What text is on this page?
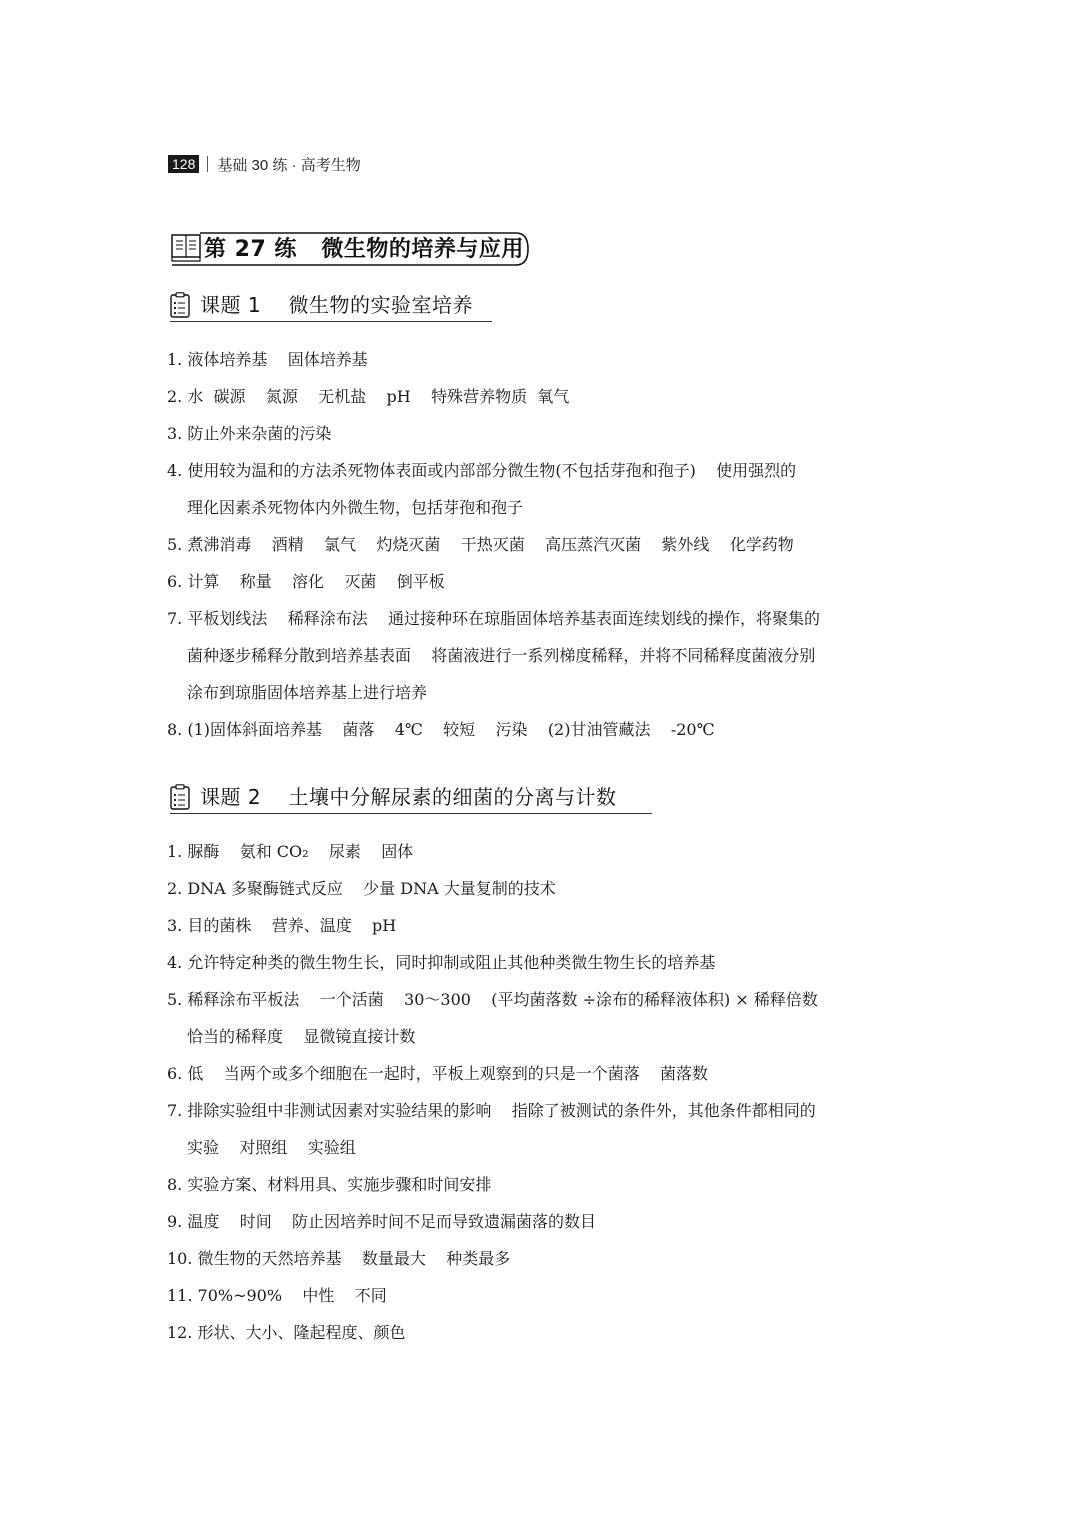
128 基础 30 练 · 高考生物
第 27 练   微生物的培养与应用
课题 1    微生物的实验室培养
1. 液体培养基    固体培养基
2. 水  碳源    氮源    无机盐    pH    特殊营养物质  氧气
3. 防止外来杂菌的污染
4. 使用较为温和的方法杀死物体表面或内部部分微生物(不包括芽孢和孢子)    使用强烈的
理化因素杀死物体内外微生物，包括芽孢和孢子
5. 煮沸消毒    酒精    氯气    灼烧灭菌    干热灭菌    高压蒸汽灭菌    紫外线    化学药物
6. 计算    称量    溶化    灭菌    倒平板
7. 平板划线法    稀释涂布法    通过接种环在琼脂固体培养基表面连续划线的操作，将聚集的
菌种逐步稀释分散到培养基表面    将菌液进行一系列梯度稀释，并将不同稀释度菌液分别
涂布到琼脂固体培养基上进行培养
8. (1)固体斜面培养基    菌落    4℃    较短    污染    (2)甘油管藏法    -20℃
课题 2    土壤中分解尿素的细菌的分离与计数
1. 脲酶    氨和 CO₂    尿素    固体
2. DNA 多聚酶链式反应    少量 DNA 大量复制的技术
3. 目的菌株    营养、温度    pH
4. 允许特定种类的微生物生长，同时抑制或阻止其他种类微生物生长的培养基
5. 稀释涂布平板法    一个活菌    30～300    (平均菌落数 ÷涂布的稀释液体积) × 稀释倍数
恰当的稀释度    显微镜直接计数
6. 低    当两个或多个细胞在一起时，平板上观察到的只是一个菌落    菌落数
7. 排除实验组中非测试因素对实验结果的影响    指除了被测试的条件外，其他条件都相同的
实验    对照组    实验组
8. 实验方案、材料用具、实施步骤和时间安排
9. 温度    时间    防止因培养时间不足而导致遗漏菌落的数目
10. 微生物的天然培养基    数量最大    种类最多
11. 70%~90%    中性    不同
12. 形状、大小、隆起程度、颜色
